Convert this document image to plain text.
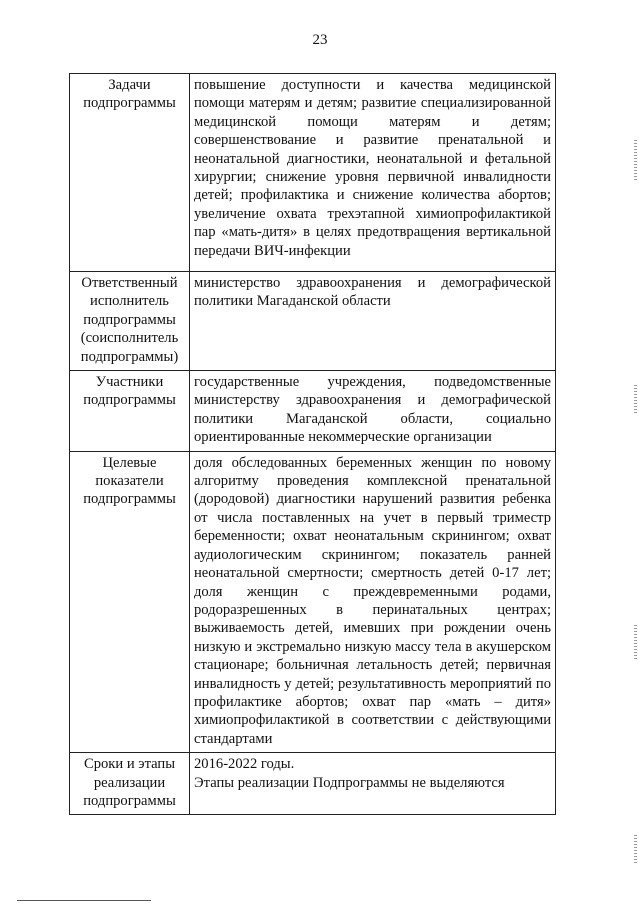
23
Задачи подпрограммы	повышение доступности и качества медицинской помощи матерям и детям; развитие специализированной медицинской помощи матерям и детям; совершенствование и развитие пренатальной и неонатальной диагностики, неонатальной и фетальной хирургии; снижение уровня первичной инвалидности детей; профилактика и снижение количества абортов; увеличение охвата трехэтапной химиопрофилактикой пар «мать-дитя» в целях предотвращения вертикальной передачи ВИЧ-инфекции
Ответственный исполнитель подпрограммы (соисполнитель подпрограммы)	министерство здравоохранения и демографической политики Магаданской области
Участники подпрограммы	государственные учреждения, подведомственные министерству здравоохранения и демографической политики Магаданской области, социально ориентированные некоммерческие организации
Целевые показатели подпрограммы	доля обследованных беременных женщин по новому алгоритму проведения комплексной пренатальной (дородовой) диагностики нарушений развития ребенка от числа поставленных на учет в первый триместр беременности; охват неонатальным скринингом; охват аудиологическим скринингом; показатель ранней неонатальной смертности; смертность детей 0-17 лет; доля женщин с преждевременными родами, родоразрешенных в перинатальных центрах; выживаемость детей, имевших при рождении очень низкую и экстремально низкую массу тела в акушерском стационаре; больничная летальность детей; первичная инвалидность у детей; результативность мероприятий по профилактике абортов; охват пар «мать – дитя» химиопрофилактикой в соответствии с действующими стандартами
Сроки и этапы реализации подпрограммы	2016-2022 годы.
Этапы реализации Подпрограммы не выделяются
